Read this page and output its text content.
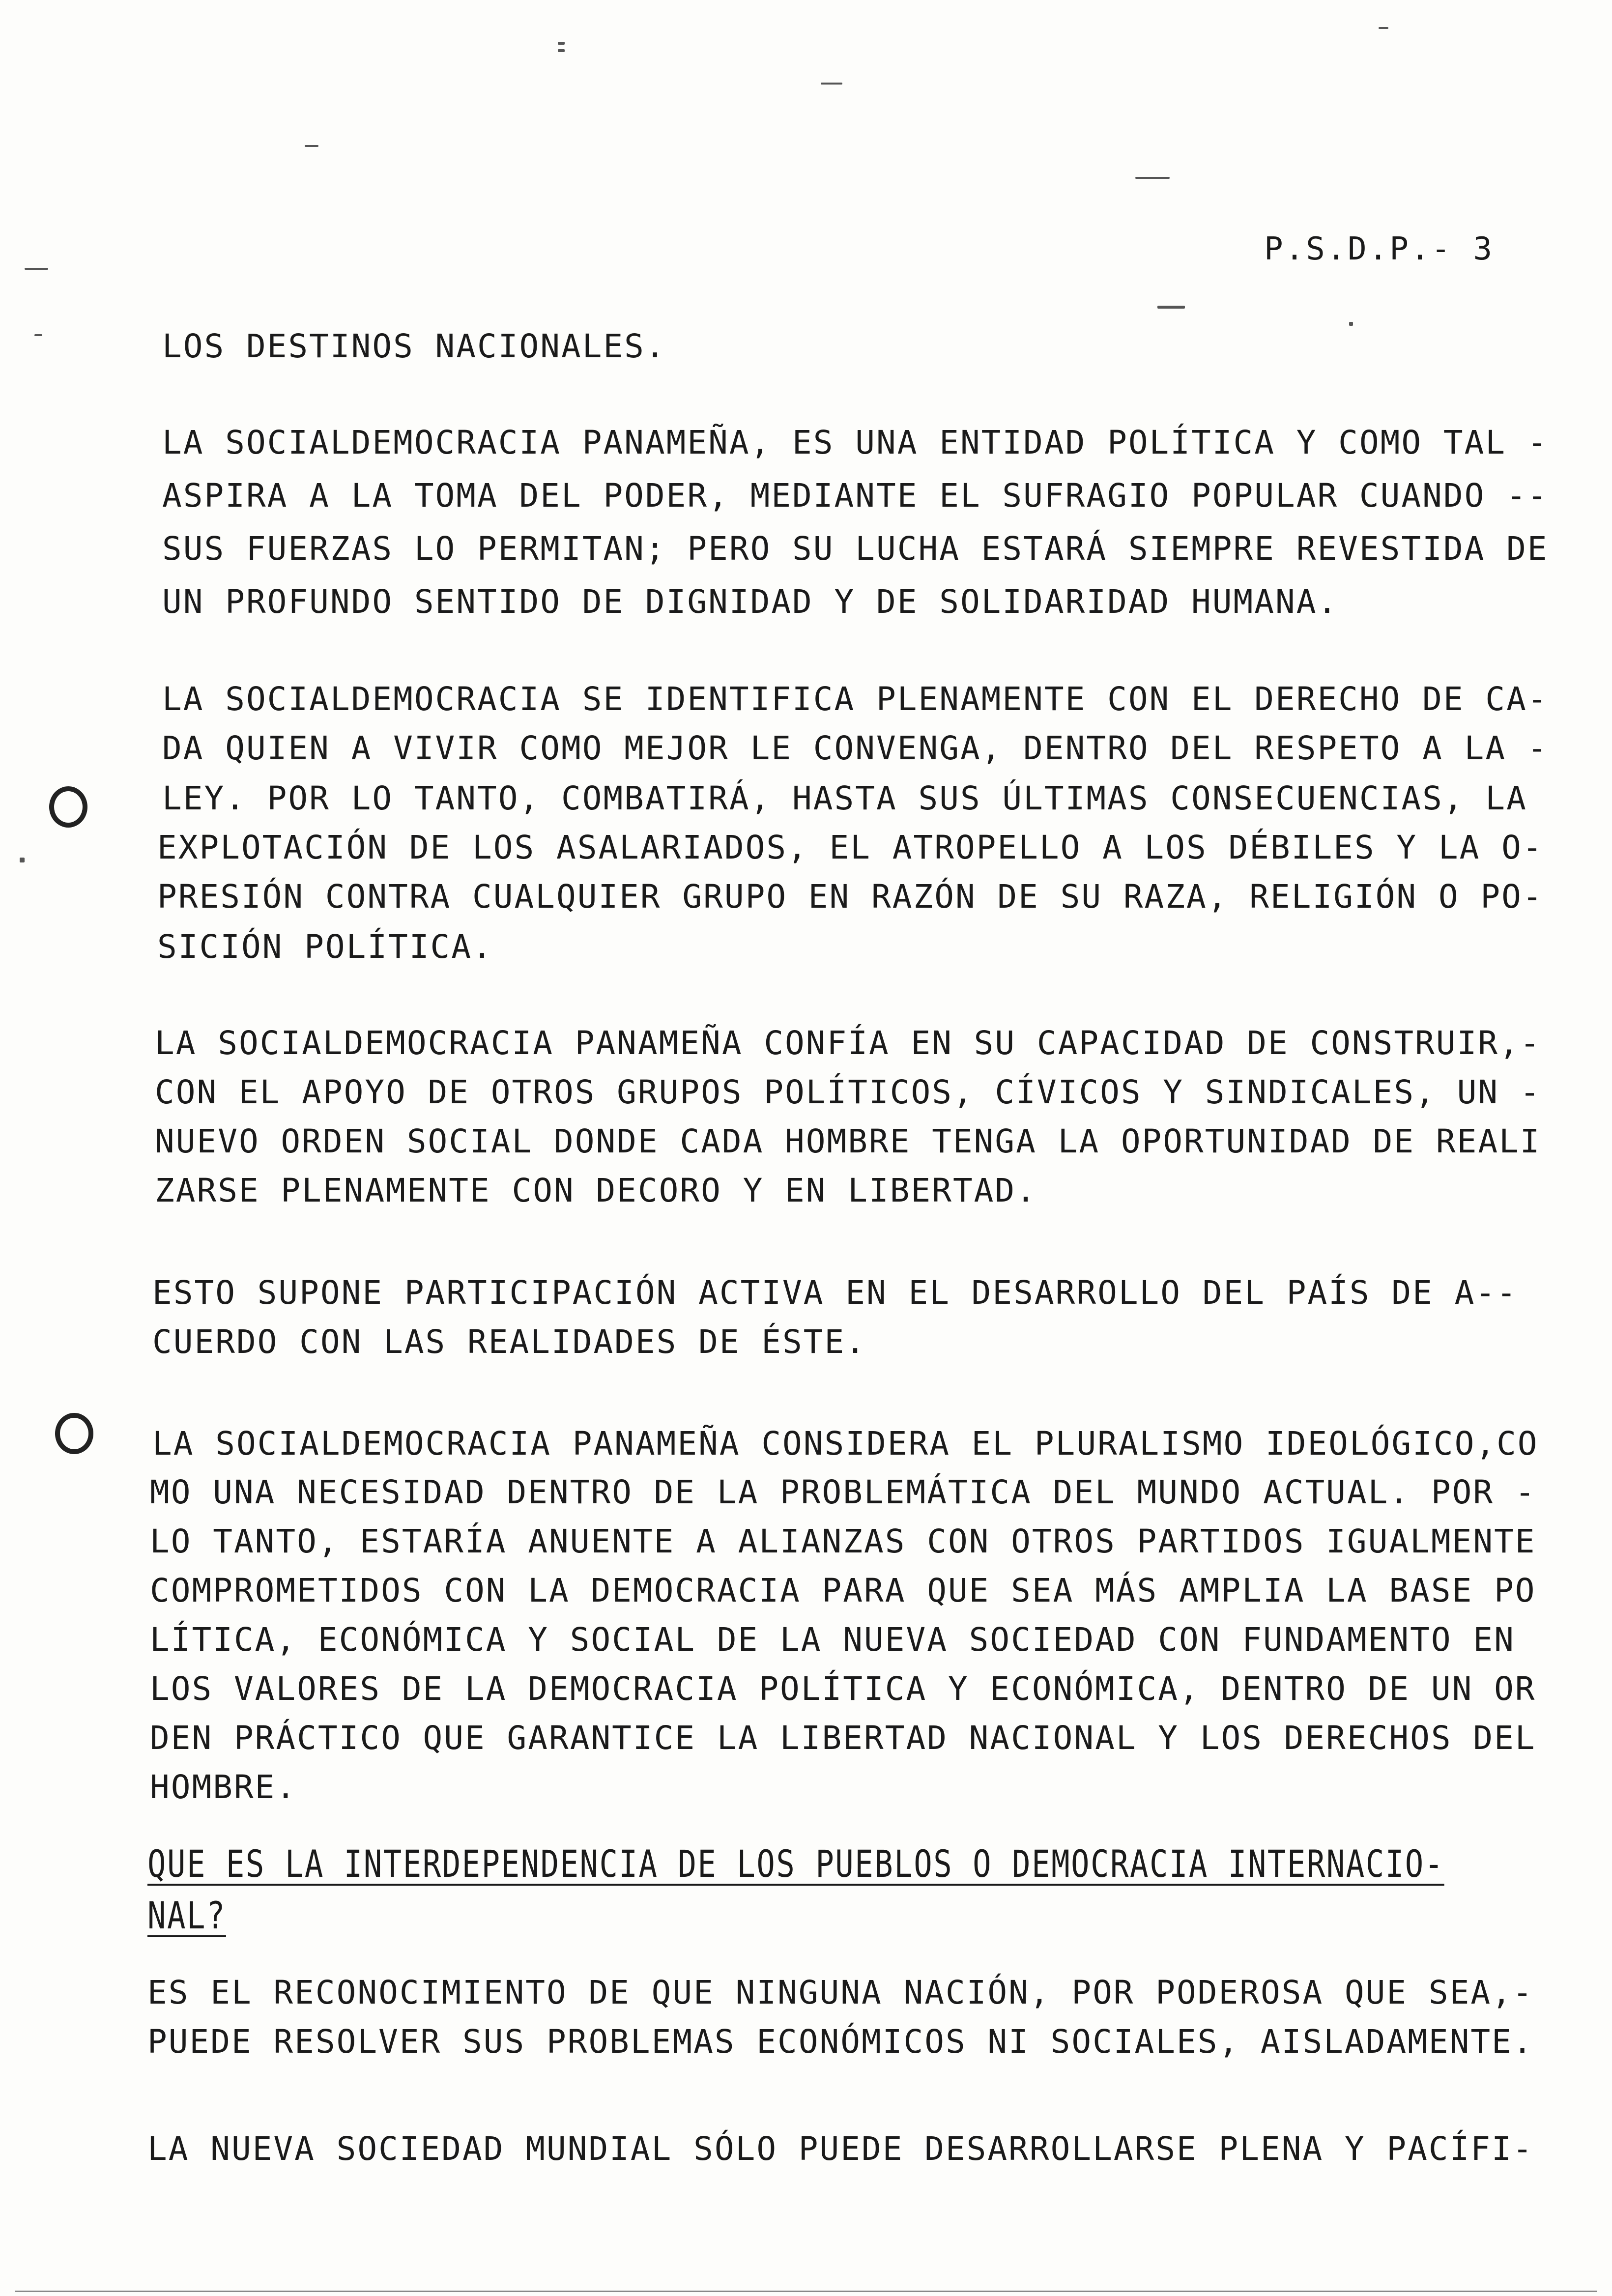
P.S.D.P.- 3
LOS DESTINOS NACIONALES.
LA SOCIALDEMOCRACIA PANAMEÑA, ES UNA ENTIDAD POLÍTICA Y COMO TAL -
ASPIRA A LA TOMA DEL PODER, MEDIANTE EL SUFRAGIO POPULAR CUANDO --
SUS FUERZAS LO PERMITAN; PERO SU LUCHA ESTARÁ SIEMPRE REVESTIDA DE
UN PROFUNDO SENTIDO DE DIGNIDAD Y DE SOLIDARIDAD HUMANA.
LA SOCIALDEMOCRACIA SE IDENTIFICA PLENAMENTE CON EL DERECHO DE CA-
DA QUIEN A VIVIR COMO MEJOR LE CONVENGA, DENTRO DEL RESPETO A LA -
LEY. POR LO TANTO, COMBATIRÁ, HASTA SUS ÚLTIMAS CONSECUENCIAS, LA
EXPLOTACIÓN DE LOS ASALARIADOS, EL ATROPELLO A LOS DÉBILES Y LA O-
PRESIÓN CONTRA CUALQUIER GRUPO EN RAZÓN DE SU RAZA, RELIGIÓN O PO-
SICIÓN POLÍTICA.
LA SOCIALDEMOCRACIA PANAMEÑA CONFÍA EN SU CAPACIDAD DE CONSTRUIR,-
CON EL APOYO DE OTROS GRUPOS POLÍTICOS, CÍVICOS Y SINDICALES, UN -
NUEVO ORDEN SOCIAL DONDE CADA HOMBRE TENGA LA OPORTUNIDAD DE REALI
ZARSE PLENAMENTE CON DECORO Y EN LIBERTAD.
ESTO SUPONE PARTICIPACIÓN ACTIVA EN EL DESARROLLO DEL PAÍS DE A--
CUERDO CON LAS REALIDADES DE ÉSTE.
LA SOCIALDEMOCRACIA PANAMEÑA CONSIDERA EL PLURALISMO IDEOLÓGICO,CO
MO UNA NECESIDAD DENTRO DE LA PROBLEMÁTICA DEL MUNDO ACTUAL. POR -
LO TANTO, ESTARÍA ANUENTE A ALIANZAS CON OTROS PARTIDOS IGUALMENTE
COMPROMETIDOS CON LA DEMOCRACIA PARA QUE SEA MÁS AMPLIA LA BASE PO
LÍTICA, ECONÓMICA Y SOCIAL DE LA NUEVA SOCIEDAD CON FUNDAMENTO EN
LOS VALORES DE LA DEMOCRACIA POLÍTICA Y ECONÓMICA, DENTRO DE UN OR
DEN PRÁCTICO QUE GARANTICE LA LIBERTAD NACIONAL Y LOS DERECHOS DEL
HOMBRE.
QUE ES LA INTERDEPENDENCIA DE LOS PUEBLOS O DEMOCRACIA INTERNACIO-
NAL?
ES EL RECONOCIMIENTO DE QUE NINGUNA NACIÓN, POR PODEROSA QUE SEA,-
PUEDE RESOLVER SUS PROBLEMAS ECONÓMICOS NI SOCIALES, AISLADAMENTE.
LA NUEVA SOCIEDAD MUNDIAL SÓLO PUEDE DESARROLLARSE PLENA Y PACÍFI-
